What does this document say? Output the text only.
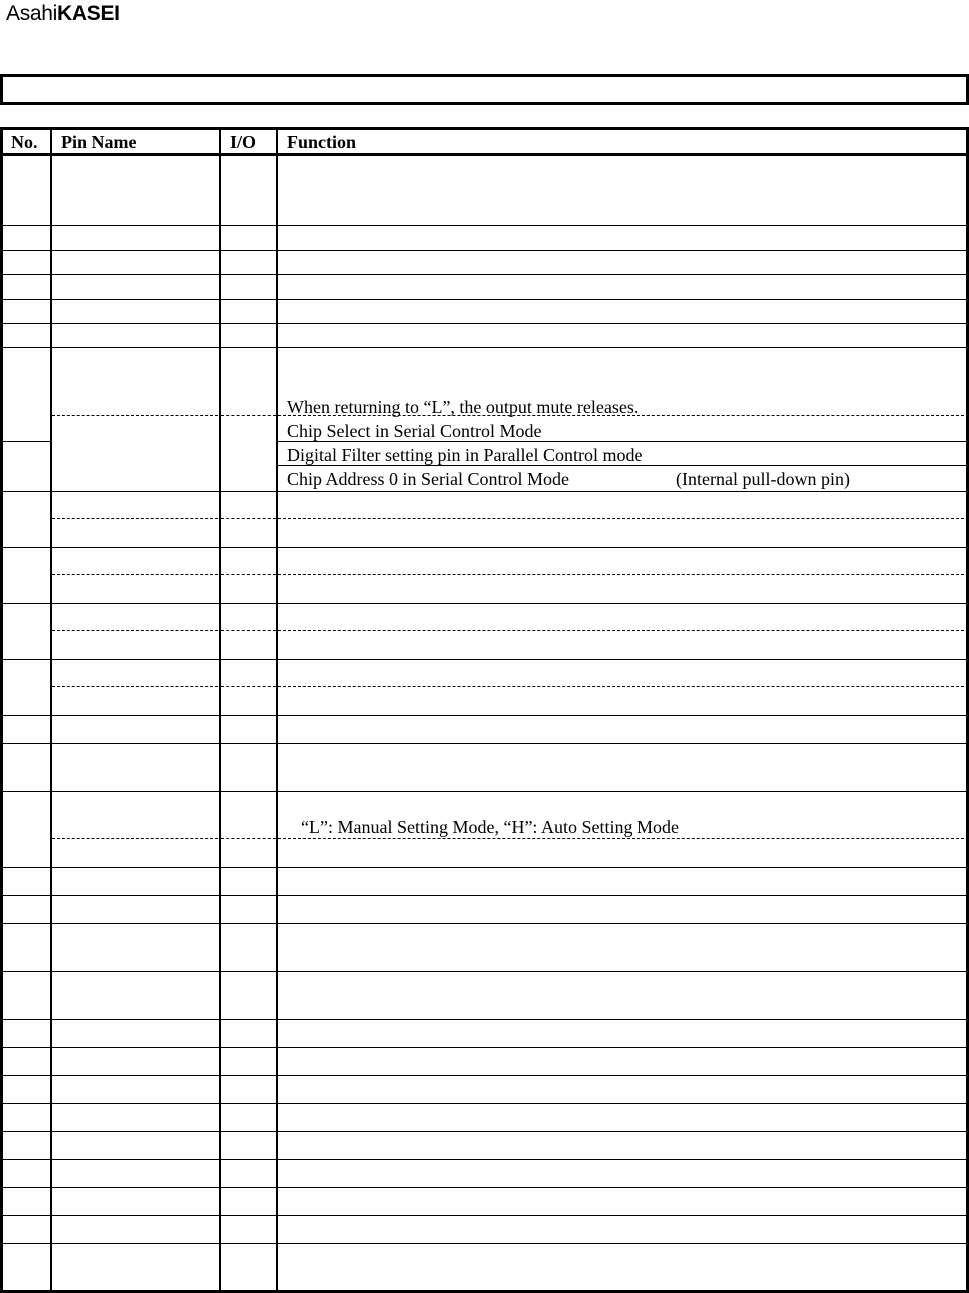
AsahiKASEI
No. Pin Name	I/O Function
When returning to “L”, the output mute releases.
Chip Select in Serial Control Mode
Digital Filter setting pin in Parallel Control mode
Chip Address 0 in Serial Control Mode	(Internal pull-down pin)
“L”: Manual Setting Mode, “H”: Auto Setting Mode
